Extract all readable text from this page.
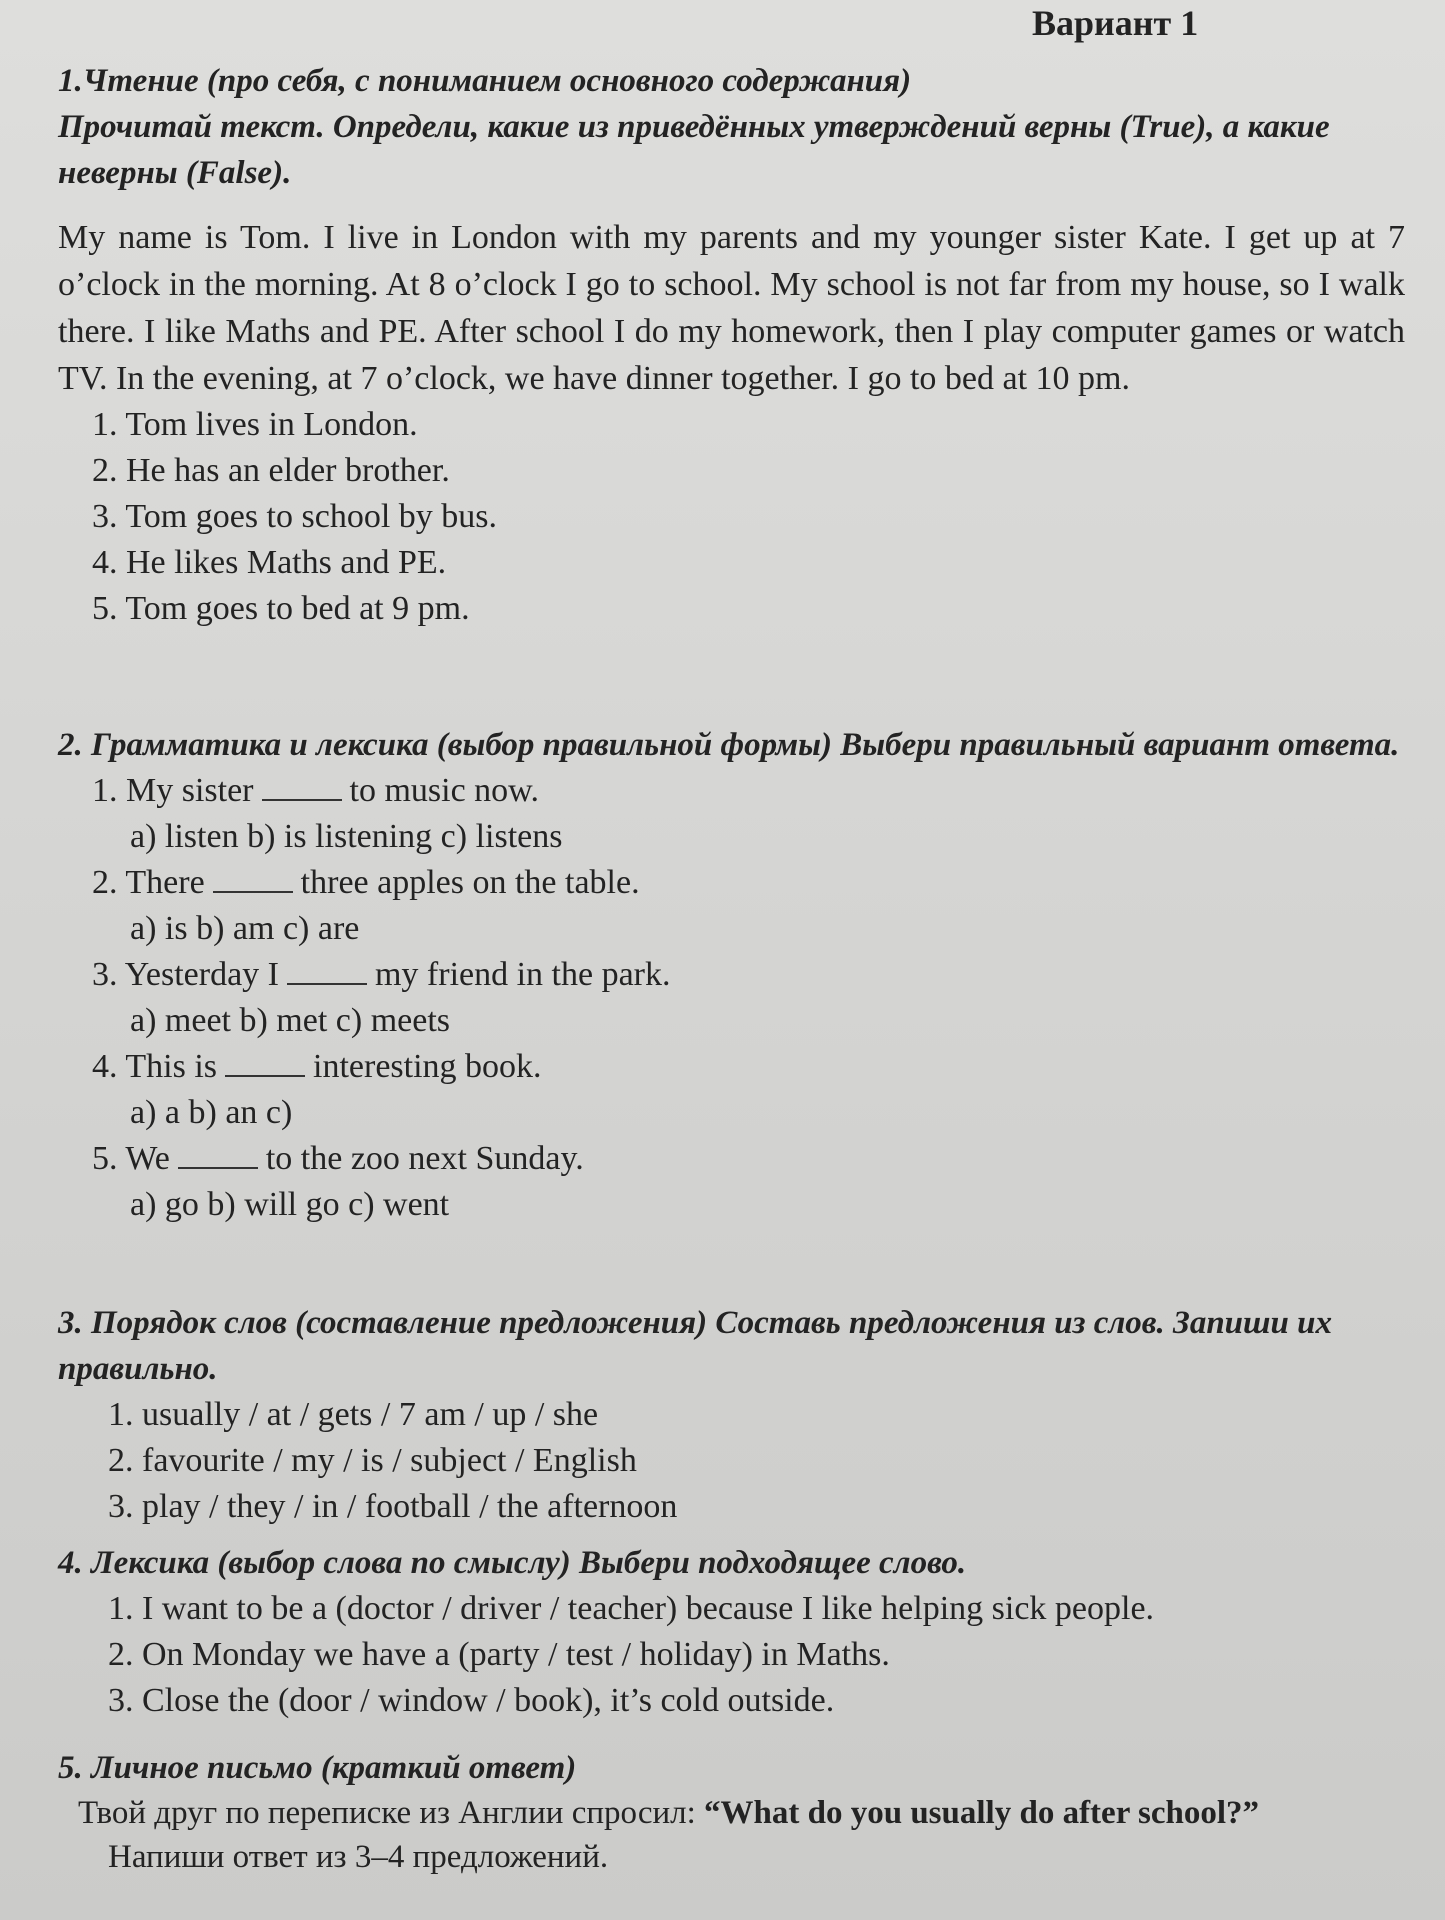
Вариант 1

1.Чтение (про себя, с пониманием основного содержания)

Прочитай текст. Определи, какие из приведённых утверждений верны (True), а какие неверны (False).

My name is Tom. I live in London with my parents and my younger sister Kate. I get up at 7 o’clock in the morning. At 8 o’clock I go to school. My school is not far from my house, so I walk there. I like Maths and PE. After school I do my homework, then I play computer games or watch TV. In the evening, at 7 o’clock, we have dinner together. I go to bed at 10 pm.

1. Tom lives in London.
2. He has an elder brother.
3. Tom goes to school by bus.
4. He likes Maths and PE.
5. Tom goes to bed at 9 pm.

2. Грамматика и лексика (выбор правильной формы) Выбери правильный вариант ответа.

1. My sister	to music now.
a) listen b) is listening c) listens
2. There	three apples on the table.
a) is b) am c) are
3. Yesterday I	my friend in the park.
a) meet b) met c) meets
4. This is	interesting book.
a) a b) an c)
5. We	to the zoo next Sunday.
a) go b) will go c) went

3. Порядок слов (составление предложения) Составь предложения из слов. Запиши их правильно.

1. usually / at / gets / 7 am / up / she
2. favourite / my / is / subject / English
3. play / they / in / football / the afternoon

4. Лексика (выбор слова по смыслу) Выбери подходящее слово.

1. I want to be a (doctor / driver / teacher) because I like helping sick people.
2. On Monday we have a (party / test / holiday) in Maths.
3. Close the (door / window / book), it’s cold outside.

5. Личное письмо (краткий ответ)

Твой друг по переписке из Англии спросил: “What do you usually do after school?”

Напиши ответ из 3–4 предложений.
